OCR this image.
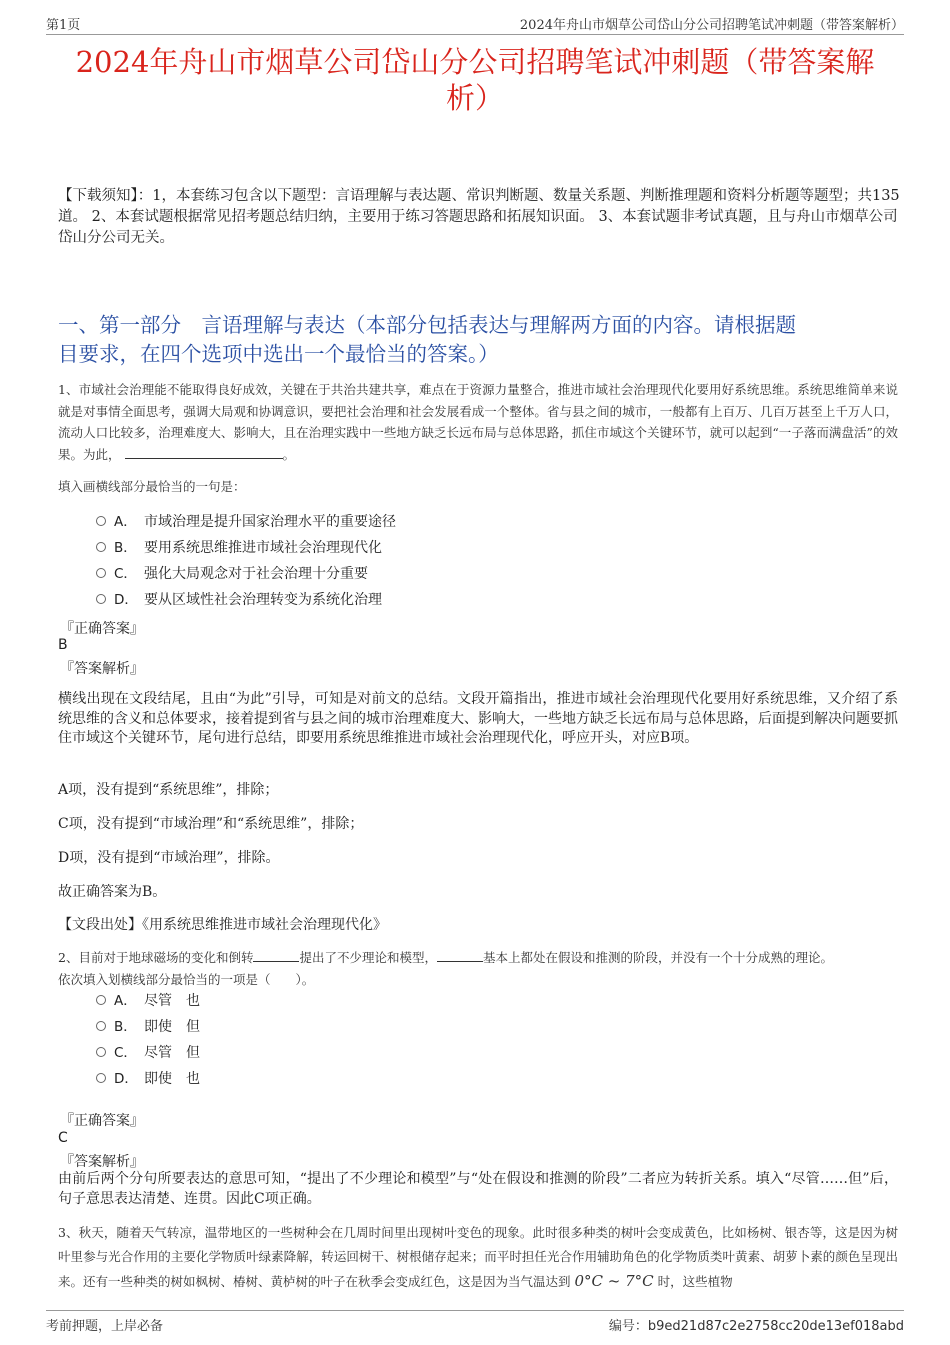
第1页	2024年舟山市烟草公司岱山分公司招聘笔试冲刺题（带答案解析）
2024年舟山市烟草公司岱山分公司招聘笔试冲刺题（带答案解
析）
【下载须知】：1，本套练习包含以下题型：言语理解与表达题、常识判断题、数量关系题、判断推理题和资料分析题等题型；共135道。 2、本套试题根据常见招考题总结归纳，主要用于练习答题思路和拓展知识面。 3、本套试题非考试真题，且与舟山市烟草公司岱山分公司无关。
一、第一部分　言语理解与表达（本部分包括表达与理解两方面的内容。请根据题
目要求，在四个选项中选出一个最恰当的答案。）
1、市域社会治理能不能取得良好成效，关键在于共治共建共享，难点在于资源力量整合，推进市域社会治理现代化要用好系统思维。系统思维简单来说就是对事情全面思考，强调大局观和协调意识，要把社会治理和社会发展看成一个整体。省与县之间的城市，一般都有上百万、几百万甚至上千万人口，流动人口比较多，治理难度大、影响大，且在治理实践中一些地方缺乏长远布局与总体思路，抓住市域这个关键环节，就可以起到“一子落而满盘活”的效果。为此，	。
填入画横线部分最恰当的一句是：
A． 市域治理是提升国家治理水平的重要途径
B． 要用系统思维推进市域社会治理现代化
C． 强化大局观念对于社会治理十分重要
D． 要从区域性社会治理转变为系统化治理
『正确答案』
B
『答案解析』
横线出现在文段结尾，且由“为此”引导，可知是对前文的总结。文段开篇指出，推进市域社会治理现代化要用好系统思维，又介绍了系统思维的含义和总体要求，接着提到省与县之间的城市治理难度大、影响大，一些地方缺乏长远布局与总体思路，后面提到解决问题要抓住市域这个关键环节，尾句进行总结，即要用系统思维推进市域社会治理现代化，呼应开头，对应B项。
A项，没有提到“系统思维”，排除；
C项，没有提到“市域治理”和“系统思维”，排除；
D项，没有提到“市域治理”，排除。
故正确答案为B。
【文段出处】《用系统思维推进市域社会治理现代化》
2、目前对于地球磁场的变化和倒转	提出了不少理论和模型，	基本上都处在假设和推测的阶段，并没有一个十分成熟的理论。
依次填入划横线部分最恰当的一项是（　　）。
A． 尽管　也
B． 即使　但
C． 尽管　但
D． 即使　也
『正确答案』
C
『答案解析』
由前后两个分句所要表达的意思可知，“提出了不少理论和模型”与“处在假设和推测的阶段”二者应为转折关系。填入“尽管……但”后，句子意思表达清楚、连贯。因此C项正确。
3、秋天，随着天气转凉，温带地区的一些树种会在几周时间里出现树叶变色的现象。此时很多种类的树叶会变成黄色，比如杨树、银杏等，这是因为树叶里参与光合作用的主要化学物质叶绿素降解，转运回树干、树根储存起来；而平时担任光合作用辅助角色的化学物质类叶黄素、胡萝卜素的颜色呈现出来。还有一些种类的树如枫树、椿树、黄栌树的叶子在秋季会变成红色，这是因为当气温达到 0°C ~ 7°C 时，这些植物
考前押题，上岸必备	编号：b9ed21d87c2e2758cc20de13ef018abd
